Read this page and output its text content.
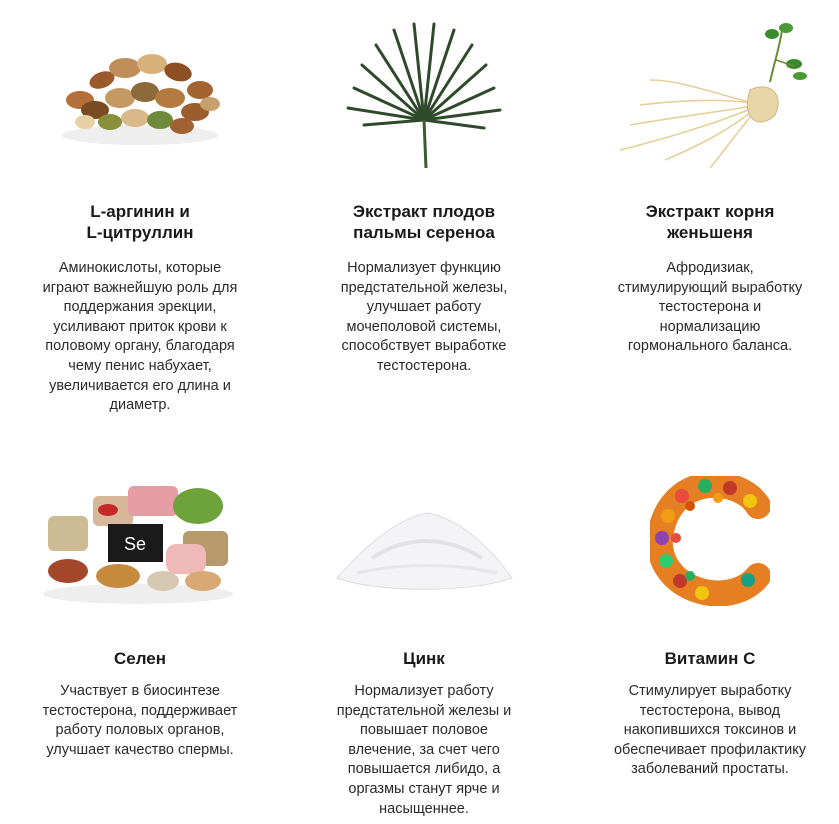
L-аргинин и
L-цитруллин
Аминокислоты, которые
играют важнейшую роль для
поддержания эрекции,
усиливают приток крови к
половому органу, благодаря
чему пенис набухает,
увеличивается его длина и
диаметр.
Экстракт плодов
пальмы сереноа
Нормализует функцию
предстательной железы,
улучшает работу
мочеполовой системы,
способствует выработке
тестостерона.
Экстракт корня
женьшеня
Афродизиак,
стимулирующий выработку
тестостерона и
нормализацию
гормонального баланса.
Se
Селен
Участвует в биосинтезе
тестостерона, поддерживает
работу половых органов,
улучшает качество спермы.
Цинк
Нормализует работу
предстательной железы и
повышает половое
влечение, за счет чего
повышается либидо, а
оргазмы станут ярче и
насыщеннее.
Витамин С
Стимулирует выработку
тестостерона, вывод
накопившихся токсинов и
обеспечивает профилактику
заболеваний простаты.
